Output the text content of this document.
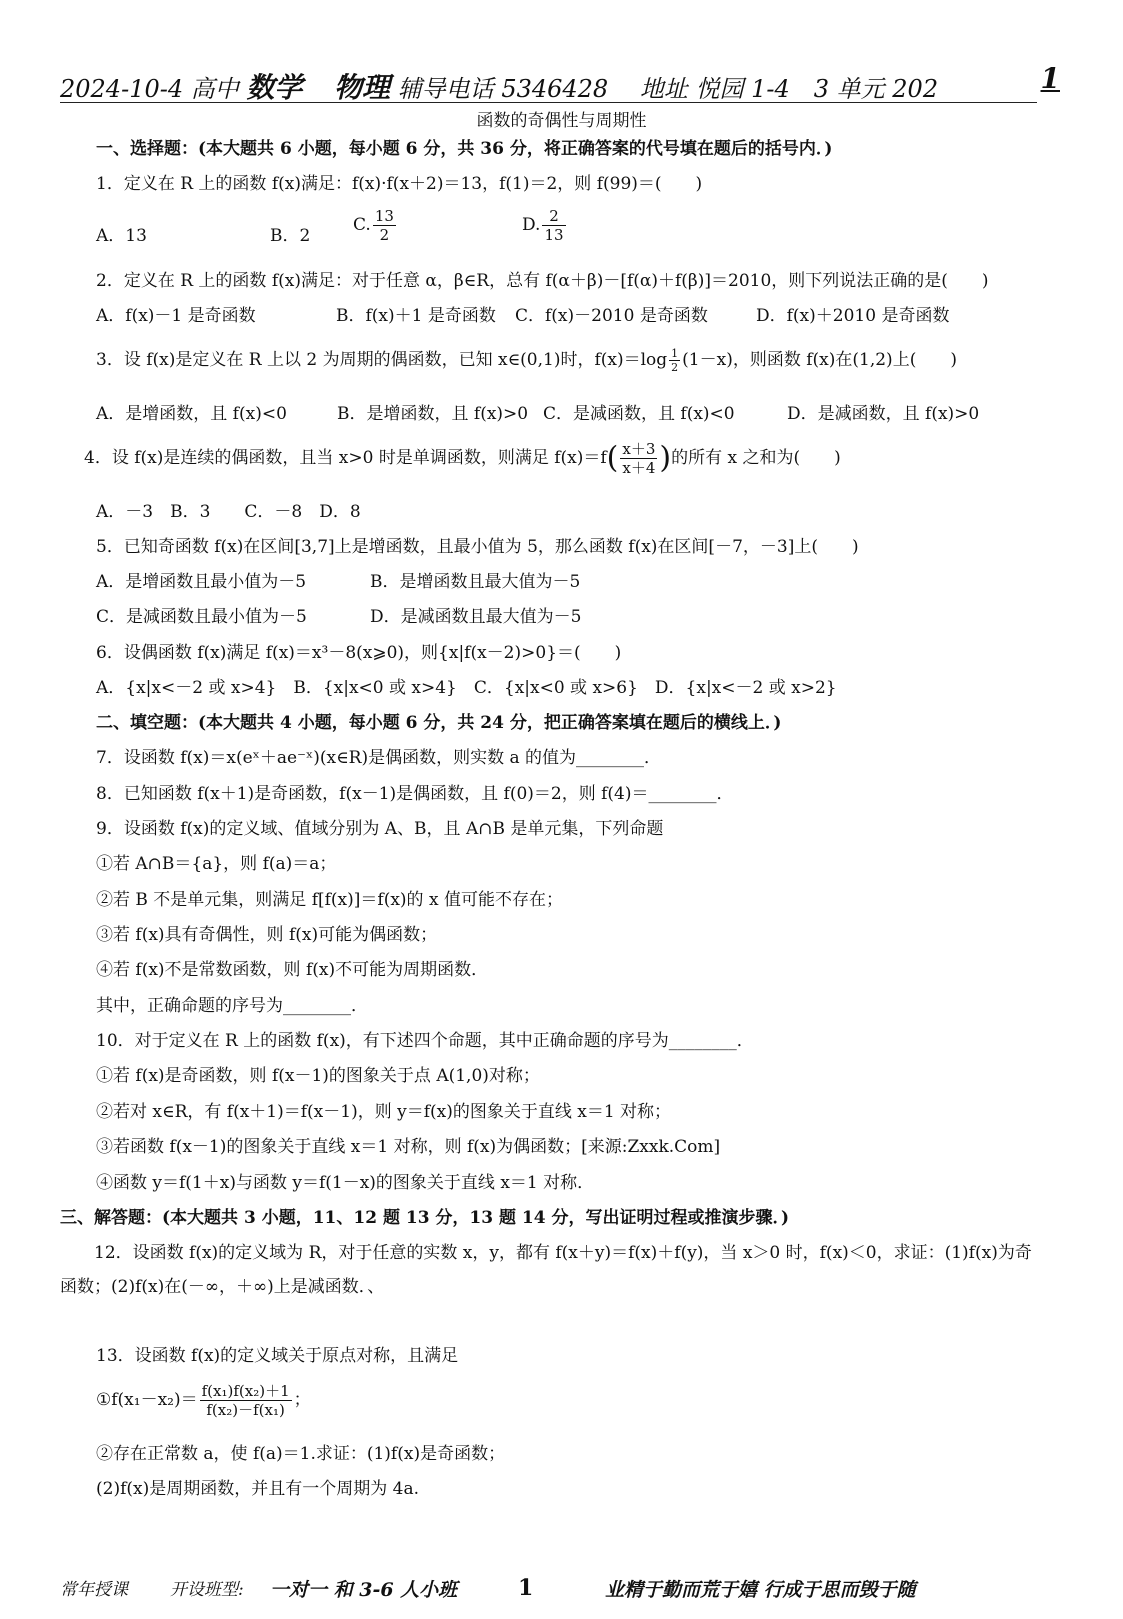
2024-10-4 高中 数学　 物理 辅导电话 5346428　 地址 悦园 1-4　3 单元 202	1
函数的奇偶性与周期性
一、选择题：(本大题共 6 小题，每小题 6 分，共 36 分，将正确答案的代号填在题后的括号内．)
1．定义在 R 上的函数 f(x)满足：f(x)·f(x＋2)＝13，f(1)＝2，则 f(99)＝(　　)
A．13	B．2
C. $\frac{13}{2}$	D. $\frac{2}{13}$
2．定义在 R 上的函数 f(x)满足：对于任意 α，β∈R，总有 f(α＋β)－[f(α)＋f(β)]＝2010，则下列说法正确的是(　　)
A．f(x)－1 是奇函数	B．f(x)＋1 是奇函数 C．f(x)－2010 是奇函数	D．f(x)＋2010 是奇函数
3．设 f(x)是定义在 R 上以 2 为周期的偶函数，已知 x∈(0,1)时，$f(x)=\log \frac{1}{2} (1-x)$，则函数 f(x)在(1,2)上(　　)
A．是增函数，且 f(x)<0	B．是增函数，且 f(x)>0 C．是减函数，且 f(x)<0	D．是减函数，且 f(x)>0
4．设 f(x)是连续的偶函数，且当 x>0 时是单调函数，则满足 $f(x)=f( \frac{x+3}{x+4}$ )的所有 x 之和为(　　)
A．－3　B．3　　C．－8　D．8
5．已知奇函数 f(x)在区间[3,7]上是增函数，且最小值为 5，那么函数 f(x)在区间[－7，－3]上(　　)
A．是增函数且最小值为－5	B．是增函数且最大值为－5
C．是减函数且最小值为－5	D．是减函数且最大值为－5
6．设偶函数 f(x)满足 f(x)＝x³－8(x⩾0)，则{x|f(x－2)>0}＝(　　)
A．{x|x<－2 或 x>4}　B．{x|x<0 或 x>4}　C．{x|x<0 或 x>6}　D．{x|x<－2 或 x>2}
二、填空题：(本大题共 4 小题，每小题 6 分，共 24 分，把正确答案填在题后的横线上．)
7．设函数 f(x)＝x(eˣ＋ae⁻ˣ)(x∈R)是偶函数，则实数 a 的值为________．
8．已知函数 f(x＋1)是奇函数，f(x－1)是偶函数，且 f(0)＝2，则 f(4)＝________．
9．设函数 f(x)的定义域、值域分别为 A、B，且 A∩B 是单元集，下列命题
①若 A∩B＝{a}，则 f(a)＝a；
②若 B 不是单元集，则满足 f[f(x)]＝f(x)的 x 值可能不存在；
③若 f(x)具有奇偶性，则 f(x)可能为偶函数；
④若 f(x)不是常数函数，则 f(x)不可能为周期函数．
其中，正确命题的序号为________．
10．对于定义在 R 上的函数 f(x)，有下述四个命题，其中正确命题的序号为________．
①若 f(x)是奇函数，则 f(x－1)的图象关于点 A(1,0)对称；
②若对 x∈R，有 f(x＋1)＝f(x－1)，则 y＝f(x)的图象关于直线 x＝1 对称；
③若函数 f(x－1)的图象关于直线 x＝1 对称，则 f(x)为偶函数；[来源:Zxxk.Com]
④函数 y＝f(1＋x)与函数 y＝f(1－x)的图象关于直线 x＝1 对称．
三、解答题：(本大题共 3 小题，11、12 题 13 分，13 题 14 分，写出证明过程或推演步骤．)
12．设函数 f(x)的定义域为 R，对于任意的实数 x，y，都有 f(x＋y)＝f(x)＋f(y)，当 x＞0 时，f(x)＜0，求证：(1)f(x)为奇函数；(2)f(x)在(－∞，＋∞)上是减函数．、
13．设函数 f(x)的定义域关于原点对称，且满足
①f(x₁－x₂)＝ $\frac{\text{f(x₁)f(x₂)＋1}}{\text{f(x₂)－f(x₁)}}$ ；
②存在正常数 a，使 f(a)＝1.求证：(1)f(x)是奇函数；
(2)f(x)是周期函数，并且有一个周期为 4a.
常年授课 开设班型: 一对一 和 3-6 人小班	1	业精于勤而荒于嬉 行成于思而毁于随
